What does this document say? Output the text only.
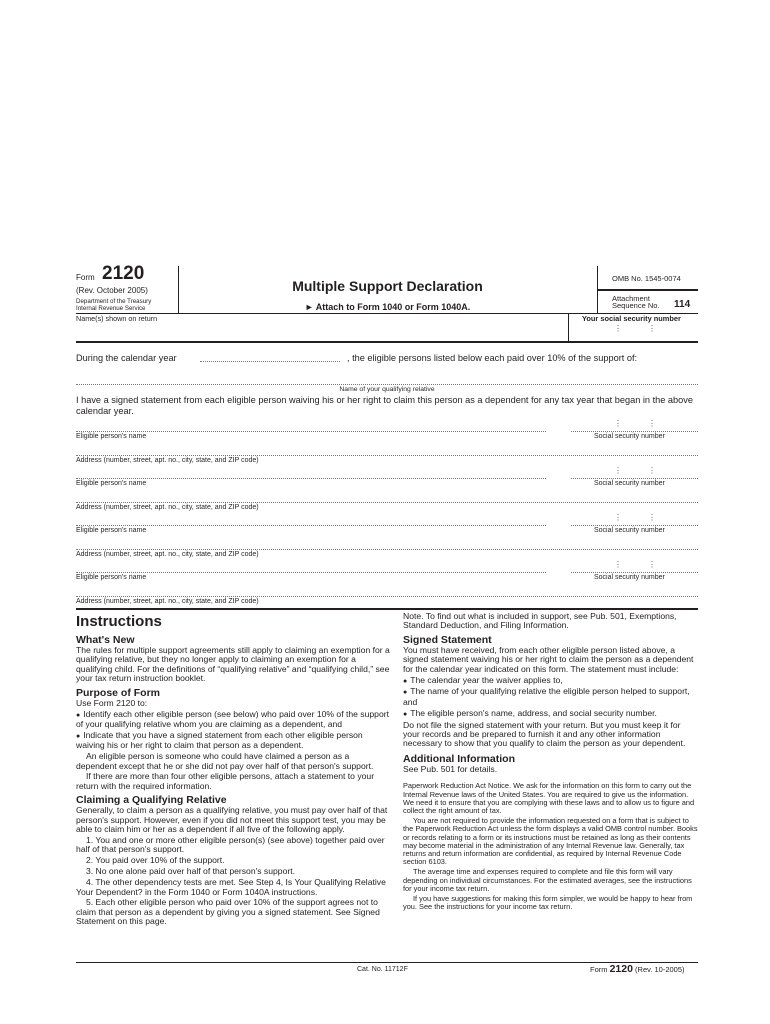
Form 2120
(Rev. October 2005)
Department of the Treasury
Internal Revenue Service
Multiple Support Declaration
► Attach to Form 1040 or Form 1040A.
OMB No. 1545-0074
Attachment
Sequence No. 114
Name(s) shown on return	Your social security number
⋮	⋮
During the calendar year	, the eligible persons listed below each paid over 10% of the support of:
Name of your qualifying relative
I have a signed statement from each eligible person waiving his or her right to claim this person as a dependent for any tax year that began in the above calendar year.
⋮	⋮
Eligible person's name	Social security number
Address (number, street, apt. no., city, state, and ZIP code)
⋮	⋮
Eligible person's name	Social security number
Address (number, street, apt. no., city, state, and ZIP code)
⋮	⋮
Eligible person's name	Social security number
Address (number, street, apt. no., city, state, and ZIP code)
⋮	⋮
Eligible person's name	Social security number
Address (number, street, apt. no., city, state, and ZIP code)
Instructions
What's New

The rules for multiple support agreements still apply to claiming an exemption for a qualifying relative, but they no longer apply to claiming an exemption for a qualifying child. For the definitions of “qualifying relative” and “qualifying child,” see your tax return instruction booklet.

Purpose of Form

Use Form 2120 to:

● Identify each other eligible person (see below) who paid over 10% of the support of your qualifying relative whom you are claiming as a dependent, and

● Indicate that you have a signed statement from each other eligible person waiving his or her right to claim that person as a dependent.

An eligible person is someone who could have claimed a person as a dependent except that he or she did not pay over half of that person's support.

If there are more than four other eligible persons, attach a statement to your return with the required information.

Claiming a Qualifying Relative

Generally, to claim a person as a qualifying relative, you must pay over half of that person's support. However, even if you did not meet this support test, you may be able to claim him or her as a dependent if all five of the following apply.

1. You and one or more other eligible person(s) (see above) together paid over half of that person's support.

2. You paid over 10% of the support.

3. No one alone paid over half of that person's support.

4. The other dependency tests are met. See Step 4, Is Your Qualifying Relative Your Dependent? in the Form 1040 or Form 1040A instructions.

5. Each other eligible person who paid over 10% of the support agrees not to claim that person as a dependent by giving you a signed statement. See Signed Statement on this page.

Note. To find out what is included in support, see Pub. 501, Exemptions, Standard Deduction, and Filing Information.

Signed Statement

You must have received, from each other eligible person listed above, a signed statement waiving his or her right to claim the person as a dependent for the calendar year indicated on this form. The statement must include:

● The calendar year the waiver applies to,

● The name of your qualifying relative the eligible person helped to support, and

● The eligible person's name, address, and social security number.

Do not file the signed statement with your return. But you must keep it for your records and be prepared to furnish it and any other information necessary to show that you qualify to claim the person as your dependent.

Additional Information

See Pub. 501 for details.

Paperwork Reduction Act Notice. We ask for the information on this form to carry out the Internal Revenue laws of the United States. You are required to give us the information. We need it to ensure that you are complying with these laws and to allow us to figure and collect the right amount of tax.

You are not required to provide the information requested on a form that is subject to the Paperwork Reduction Act unless the form displays a valid OMB control number. Books or records relating to a form or its instructions must be retained as long as their contents may become material in the administration of any Internal Revenue law. Generally, tax returns and return information are confidential, as required by Internal Revenue Code section 6103.

The average time and expenses required to complete and file this form will vary depending on individual circumstances. For the estimated averages, see the instructions for your income tax return.

If you have suggestions for making this form simpler, we would be happy to hear from you. See the instructions for your income tax return.

Cat. No. 11712F	Form 2120 (Rev. 10-2005)
